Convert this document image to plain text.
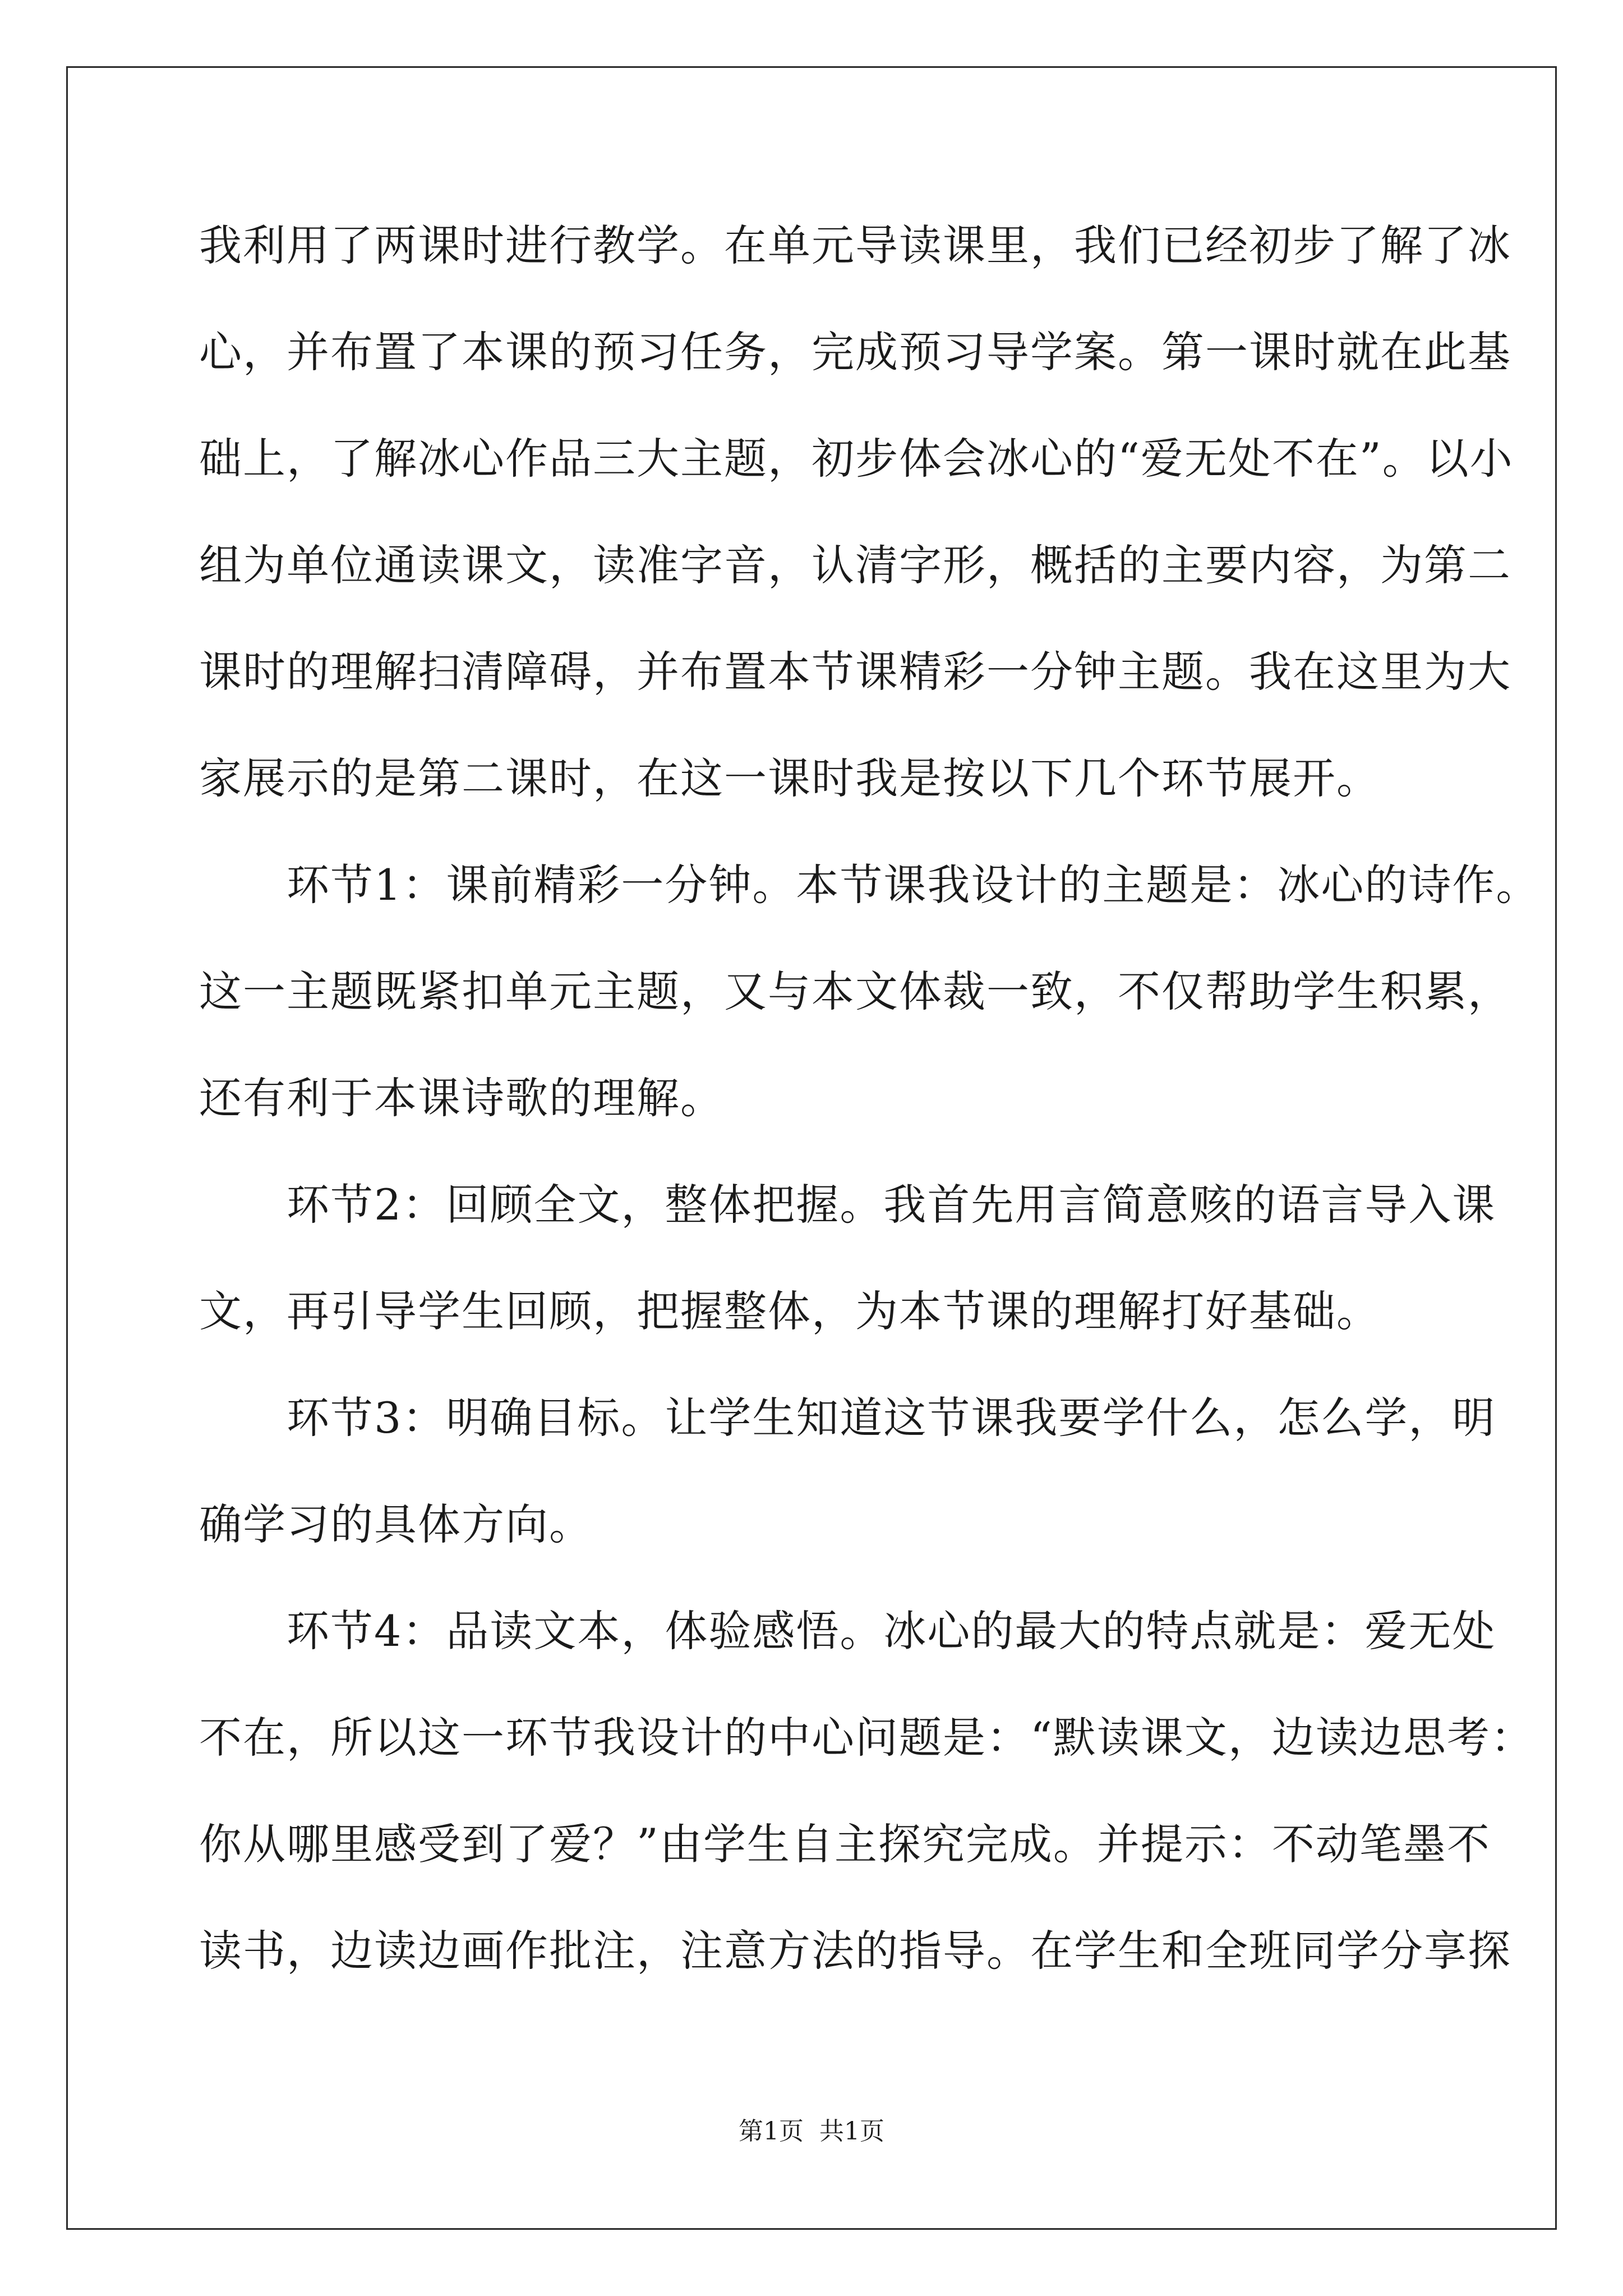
我利用了两课时进行教学。在单元导读课里，我们已经初步了解了冰
心，并布置了本课的预习任务，完成预习导学案。第一课时就在此基
础上，了解冰心作品三大主题，初步体会冰心的“爱无处不在”。以小
组为单位通读课文，读准字音，认清字形，概括的主要内容，为第二
课时的理解扫清障碍，并布置本节课精彩一分钟主题。我在这里为大
家展示的是第二课时，在这一课时我是按以下几个环节展开。
　　环节1：课前精彩一分钟。本节课我设计的主题是：冰心的诗作。
这一主题既紧扣单元主题，又与本文体裁一致，不仅帮助学生积累，
还有利于本课诗歌的理解。
　　环节2：回顾全文，整体把握。我首先用言简意赅的语言导入课
文，再引导学生回顾，把握整体，为本节课的理解打好基础。
　　环节3：明确目标。让学生知道这节课我要学什么，怎么学，明
确学习的具体方向。
　　环节4：品读文本，体验感悟。冰心的最大的特点就是：爱无处
不在，所以这一环节我设计的中心问题是：“默读课文，边读边思考：
你从哪里感受到了爱？”由学生自主探究完成。并提示：不动笔墨不
读书，边读边画作批注，注意方法的指导。在学生和全班同学分享探
第1页  共1页
